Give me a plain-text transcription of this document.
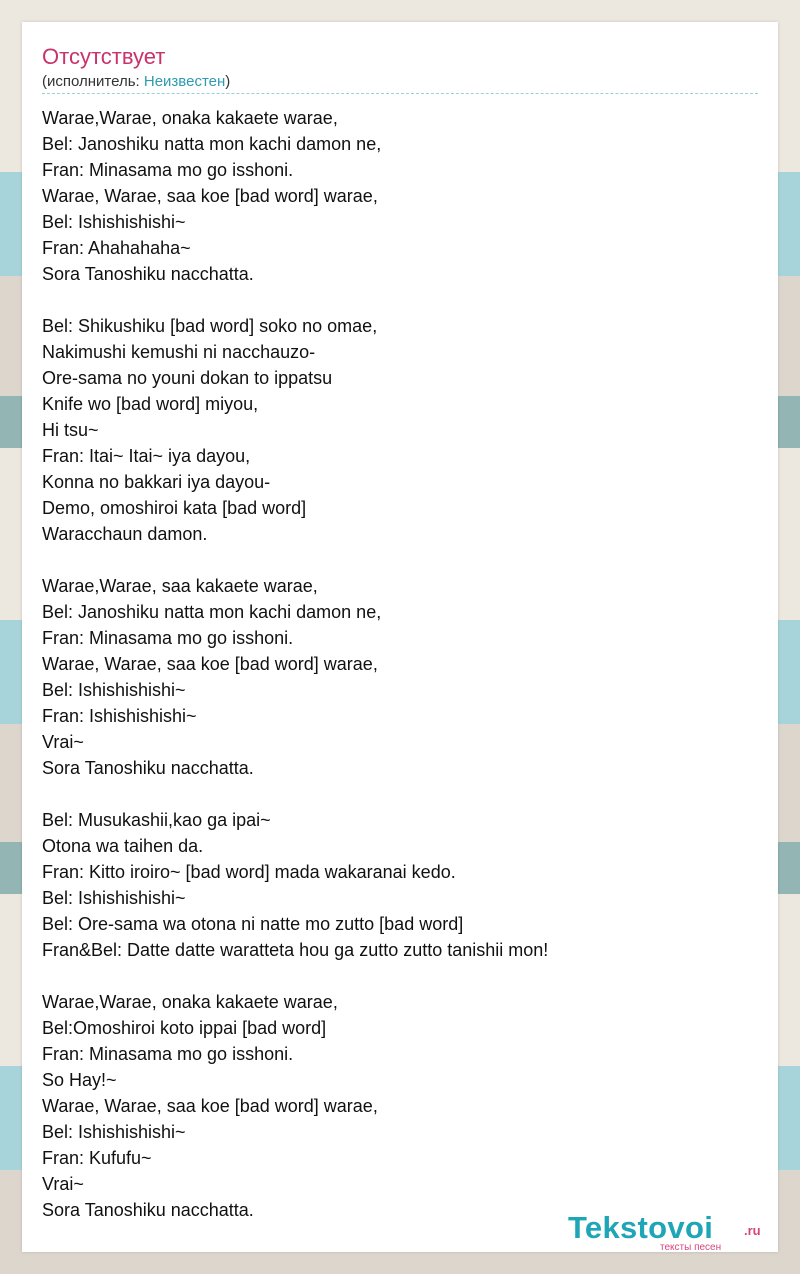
Отсутствует
(исполнитель: Неизвестен)
Warae,Warae, onaka kakaete warae,
Bel: Janoshiku natta mon kachi damon ne,
Fran: Minasama mo go isshoni.
Warae, Warae, saa koe [bad word] warae,
Bel: Ishishishishi~
Fran: Ahahahaha~
Sora Tanoshiku nacchatta.
Bel: Shikushiku [bad word] soko no omae,
Nakimushi kemushi ni nacchauzo-
Ore-sama no youni dokan to ippatsu
Knife wo [bad word] miyou,
Hi tsu~
Fran: Itai~ Itai~ iya dayou,
Konna no bakkari iya dayou-
Demo, omoshiroi kata [bad word]
Waracchaun damon.
Warae,Warae, saa kakaete warae,
Bel: Janoshiku natta mon kachi damon ne,
Fran: Minasama mo go isshoni.
Warae, Warae, saa koe [bad word] warae,
Bel: Ishishishishi~
Fran: Ishishishishi~
Vrai~
Sora Tanoshiku nacchatta.
Bel: Musukashii,kao ga ipai~
Otona wa taihen da.
Fran: Kitto iroiro~ [bad word] mada wakaranai kedo.
Bel: Ishishishishi~
Bel: Ore-sama wa otona ni natte mo zutto [bad word]
Fran&Bel: Datte datte waratteta hou ga zutto zutto tanishii mon!
Warae,Warae, onaka kakaete warae,
Bel:Omoshiroi koto ippai [bad word]
Fran: Minasama mo go isshoni.
So Hay!~
Warae, Warae, saa koe [bad word] warae,
Bel: Ishishishishi~
Fran: Kufufu~
Vrai~
Sora Tanoshiku nacchatta.	Tekstovoi .ru
тексты песен
